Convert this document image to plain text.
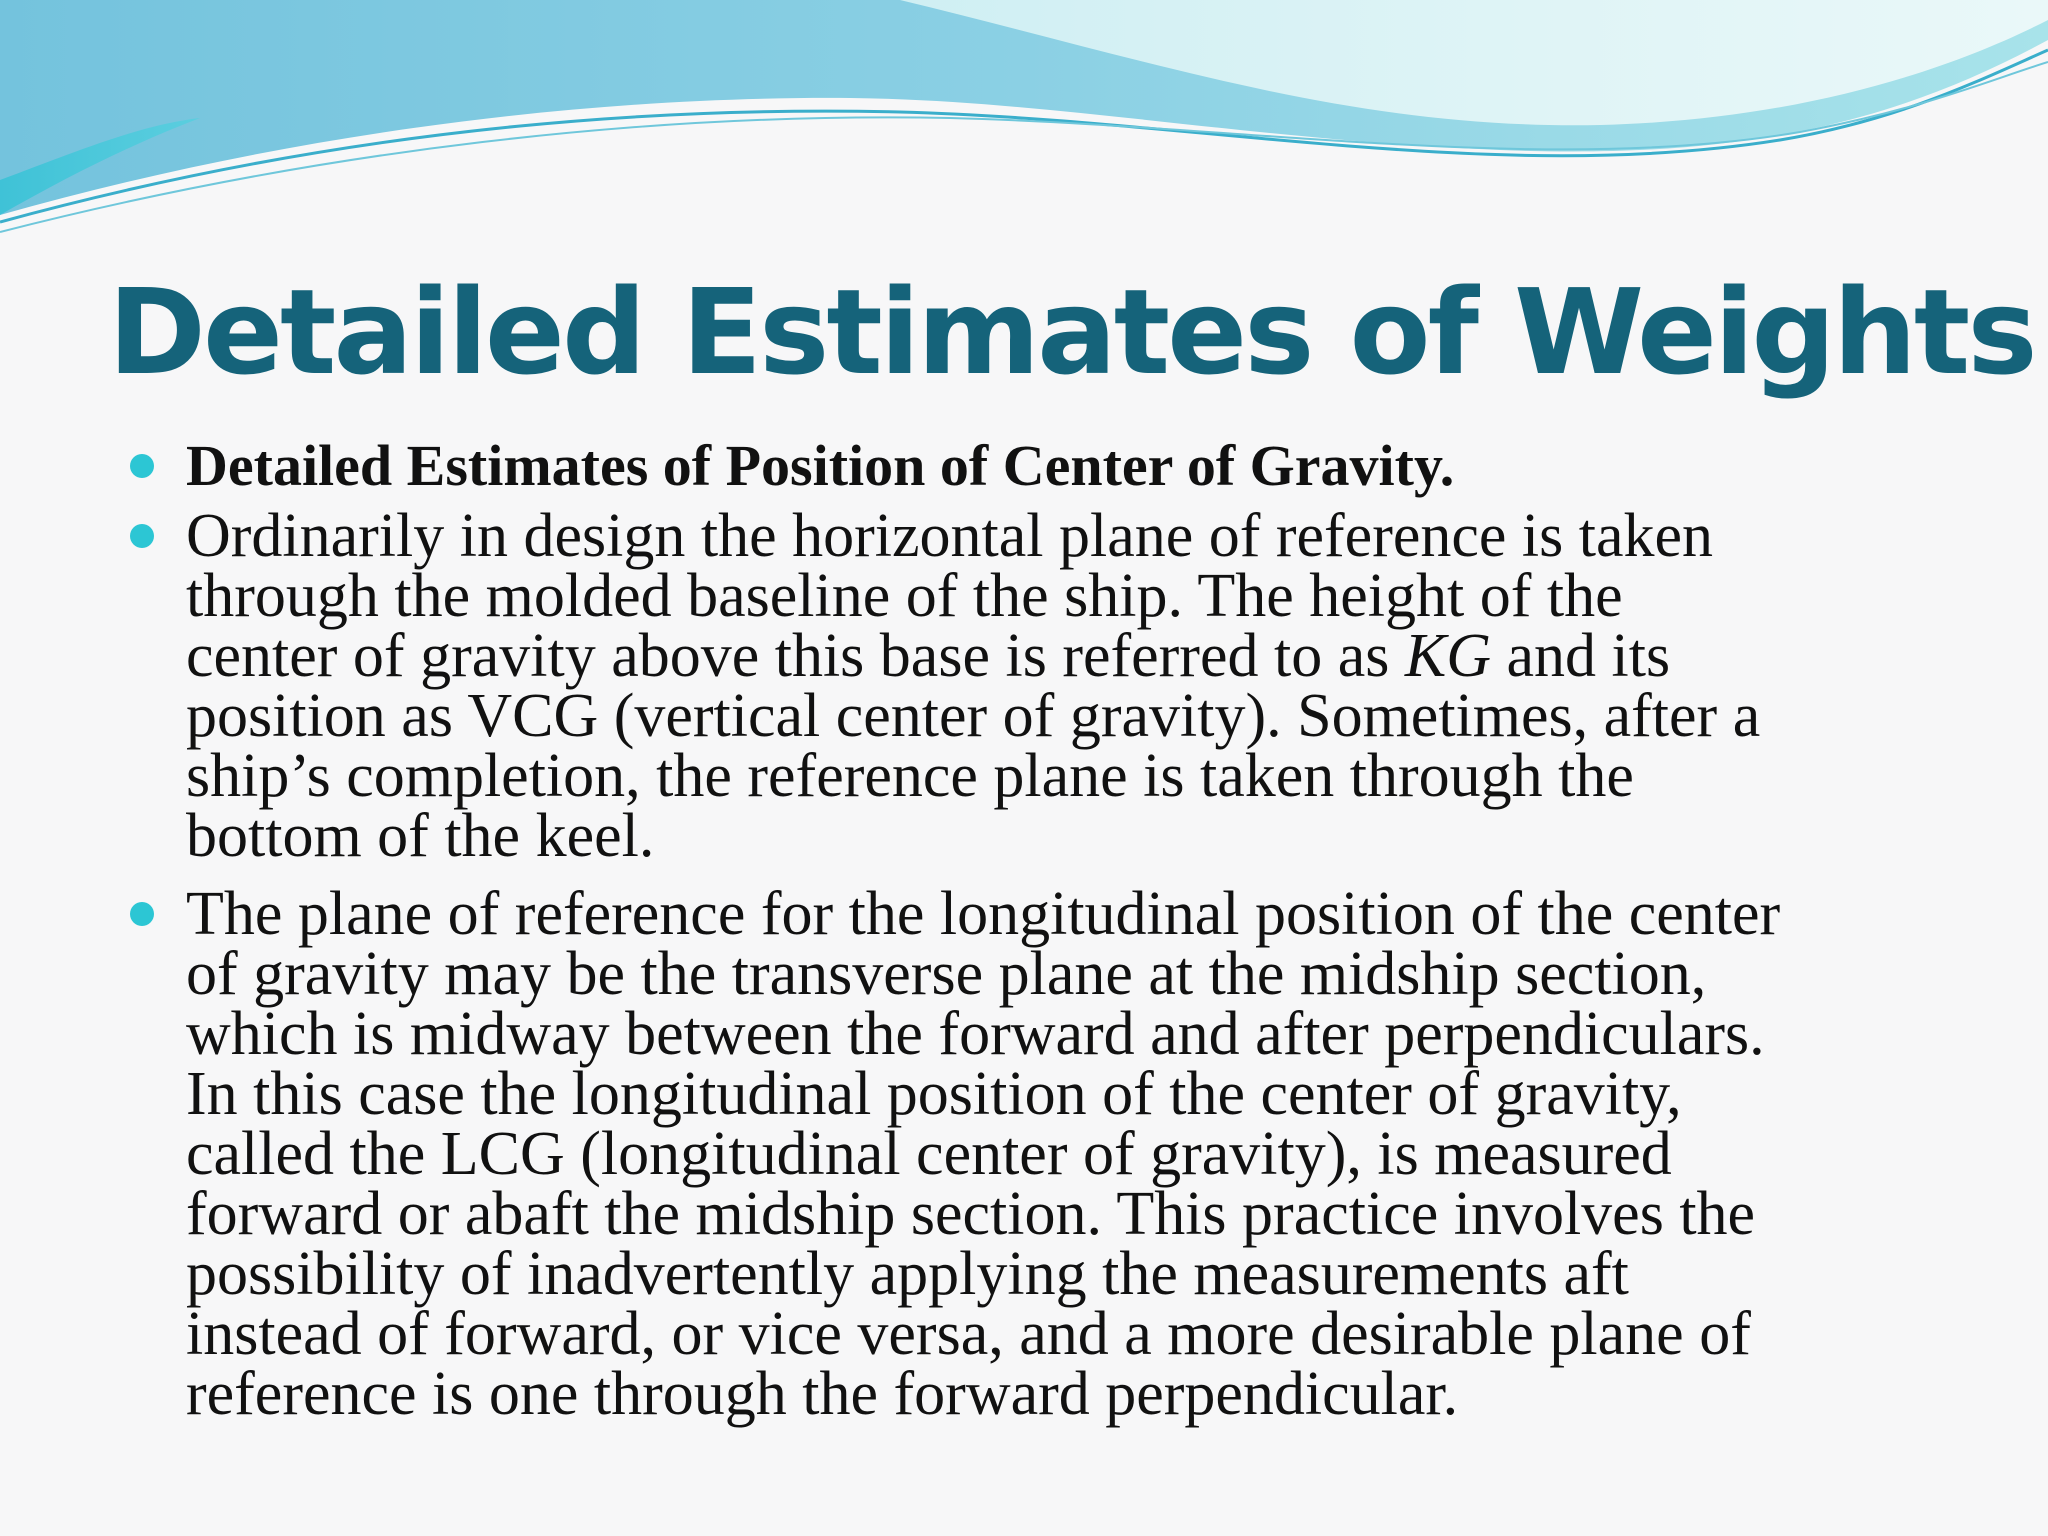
Detailed Estimates of Weights
Detailed Estimates of Position of Center of Gravity.
Ordinarily in design the horizontal plane of reference is taken
through the molded baseline of the ship. The height of the
center of gravity above this base is referred to as KG and its
position as VCG (vertical center of gravity). Sometimes, after a
ship’s completion, the reference plane is taken through the
bottom of the keel.
The plane of reference for the longitudinal position of the center
of gravity may be the transverse plane at the midship section,
which is midway between the forward and after perpendiculars.
In this case the longitudinal position of the center of gravity,
called the LCG (longitudinal center of gravity), is measured
forward or abaft the midship section. This practice involves the
possibility of inadvertently applying the measurements aft
instead of forward, or vice versa, and a more desirable plane of
reference is one through the forward perpendicular.
